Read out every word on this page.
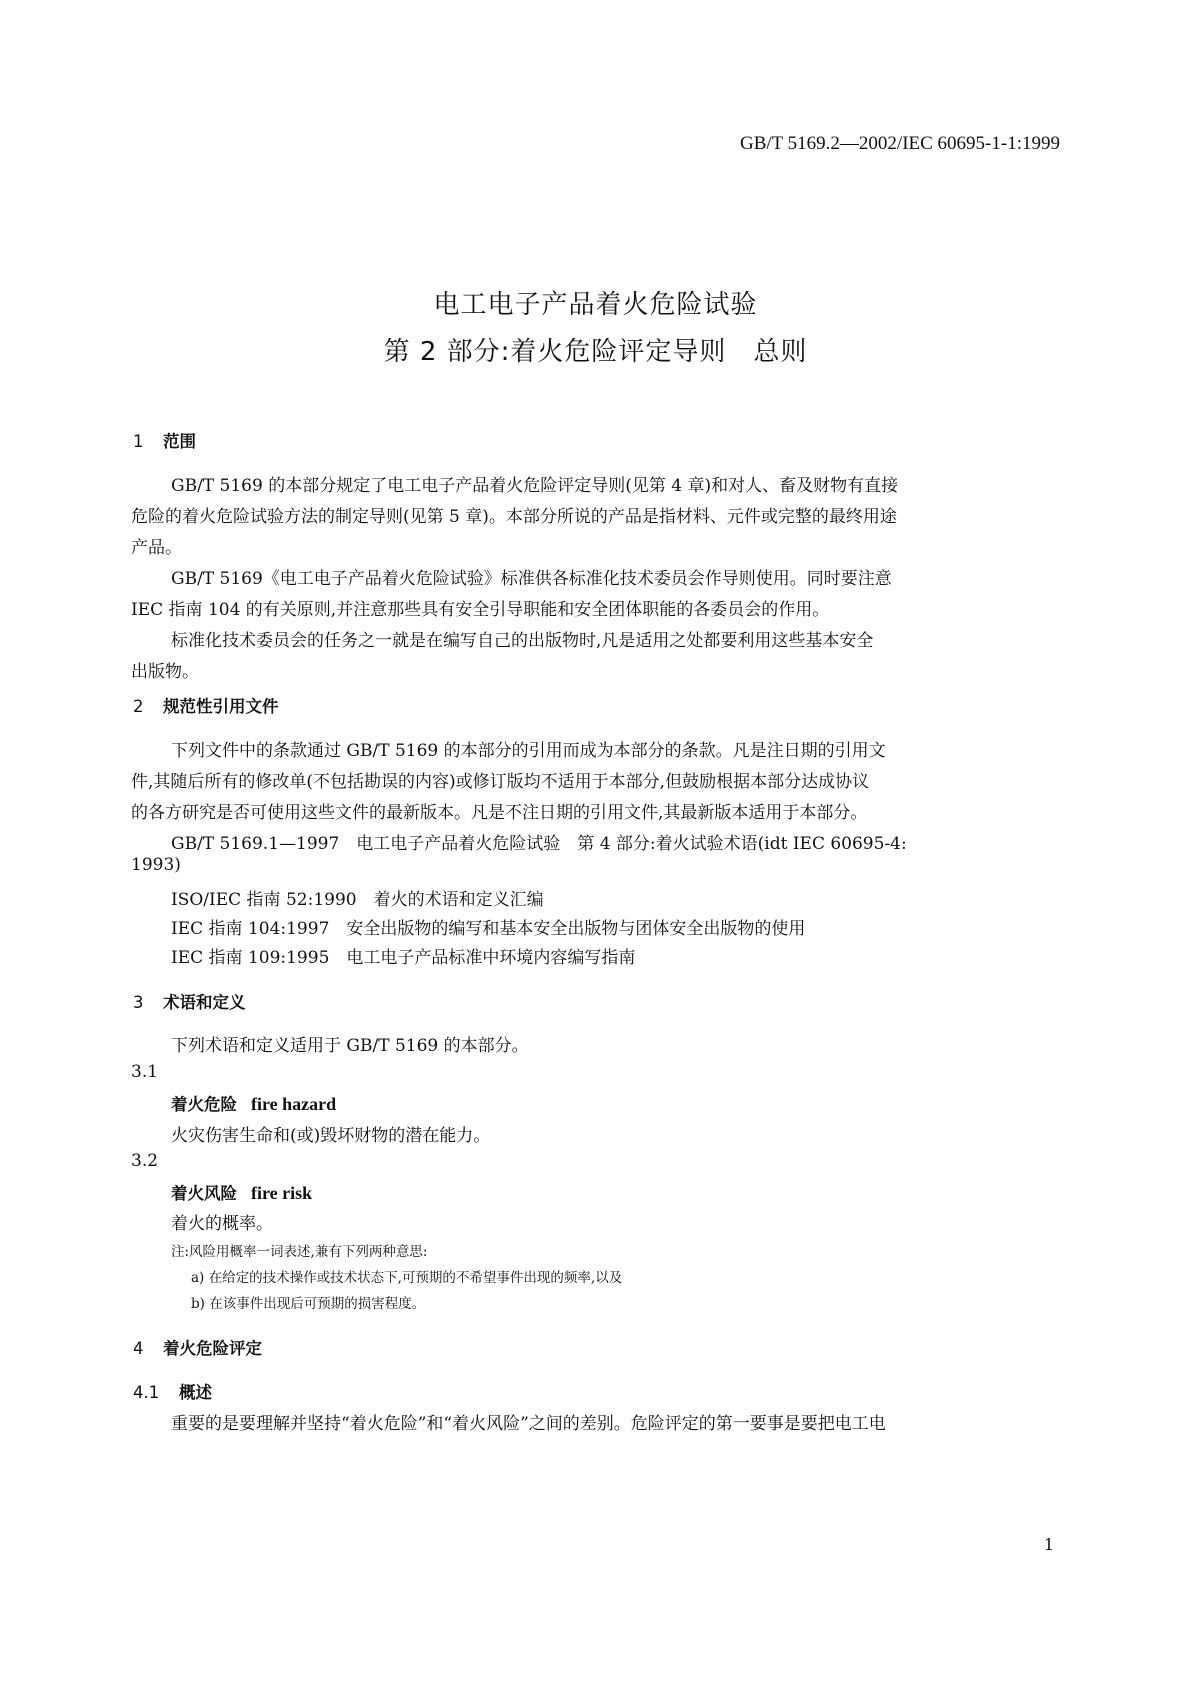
GB/T 5169.2—2002/IEC 60695-1-1:1999
电工电子产品着火危险试验
第 2 部分:着火危险评定导则　总则
1 范围
GB/T 5169 的本部分规定了电工电子产品着火危险评定导则(见第 4 章)和对人、畜及财物有直接
危险的着火危险试验方法的制定导则(见第 5 章)。本部分所说的产品是指材料、元件或完整的最终用途
产品。
GB/T 5169《电工电子产品着火危险试验》标准供各标准化技术委员会作导则使用。同时要注意
IEC 指南 104 的有关原则,并注意那些具有安全引导职能和安全团体职能的各委员会的作用。
标准化技术委员会的任务之一就是在编写自己的出版物时,凡是适用之处都要利用这些基本安全
出版物。
2 规范性引用文件
下列文件中的条款通过 GB/T 5169 的本部分的引用而成为本部分的条款。凡是注日期的引用文
件,其随后所有的修改单(不包括勘误的内容)或修订版均不适用于本部分,但鼓励根据本部分达成协议
的各方研究是否可使用这些文件的最新版本。凡是不注日期的引用文件,其最新版本适用于本部分。
GB/T 5169.1—1997　电工电子产品着火危险试验　第 4 部分:着火试验术语(idt IEC 60695-4:
1993)
ISO/IEC 指南 52:1990　着火的术语和定义汇编
IEC 指南 104:1997　安全出版物的编写和基本安全出版物与团体安全出版物的使用
IEC 指南 109:1995　电工电子产品标准中环境内容编写指南
3 术语和定义
下列术语和定义适用于 GB/T 5169 的本部分。
3.1
着火危险 fire hazard
火灾伤害生命和(或)毁坏财物的潜在能力。
3.2
着火风险 fire risk
着火的概率。
注:风险用概率一词表述,兼有下列两种意思:
a) 在给定的技术操作或技术状态下,可预期的不希望事件出现的频率,以及
b) 在该事件出现后可预期的损害程度。
4 着火危险评定
4.1 概述
重要的是要理解并坚持“着火危险”和“着火风险”之间的差别。危险评定的第一要事是要把电工电
1
